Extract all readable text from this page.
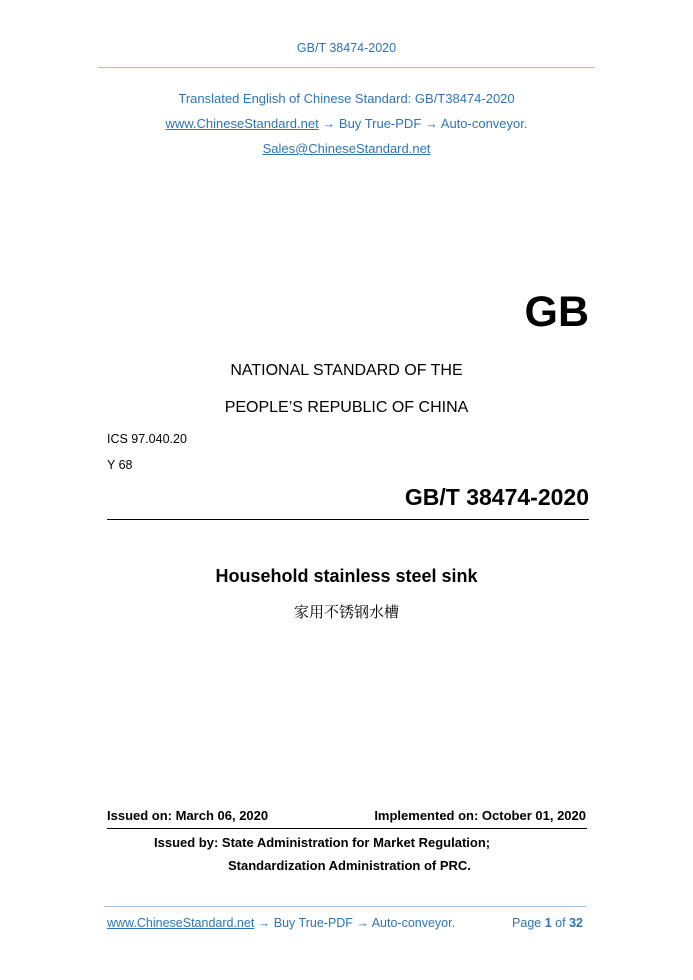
GB/T 38474-2020
Translated English of Chinese Standard: GB/T38474-2020
www.ChineseStandard.net → Buy True-PDF → Auto-conveyor.
Sales@ChineseStandard.net
GB
NATIONAL STANDARD OF THE
PEOPLE’S REPUBLIC OF CHINA
ICS 97.040.20
Y 68
GB/T 38474-2020
Household stainless steel sink
家用不锈钢水槽
Issued on: March 06, 2020	Implemented on: October 01, 2020
Issued by: State Administration for Market Regulation;
Standardization Administration of PRC.
www.ChineseStandard.net → Buy True-PDF → Auto-conveyor.	Page 1 of 32
